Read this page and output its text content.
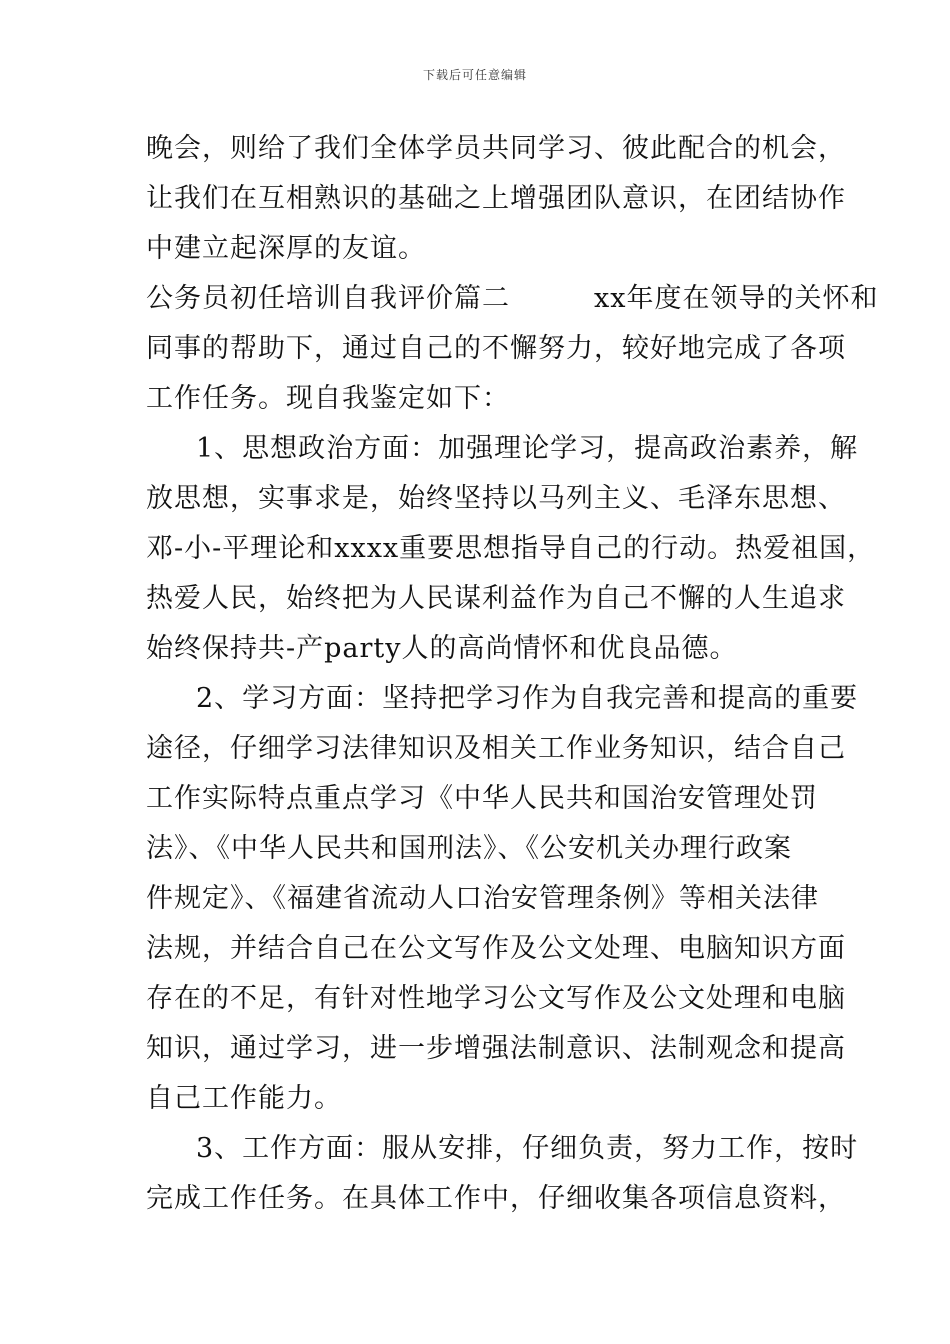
下载后可任意编辑
晚会，则给了我们全体学员共同学习、彼此配合的机会，
让我们在互相熟识的基础之上增强团队意识，在团结协作
中建立起深厚的友谊。
公务员初任培训自我评价篇二　　　xx年度在领导的关怀和
同事的帮助下，通过自己的不懈努力，较好地完成了各项
工作任务。现自我鉴定如下：
1、思想政治方面：加强理论学习，提高政治素养，解
放思想，实事求是，始终坚持以马列主义、毛泽东思想、
邓-小-平理论和xxxx重要思想指导自己的行动。热爱祖国，
热爱人民，始终把为人民谋利益作为自己不懈的人生追求
始终保持共-产party人的高尚情怀和优良品德。
2、学习方面：坚持把学习作为自我完善和提高的重要
途径，仔细学习法律知识及相关工作业务知识，结合自己
工作实际特点重点学习《中华人民共和国治安管理处罚
法》、《中华人民共和国刑法》、《公安机关办理行政案
件规定》、《福建省流动人口治安管理条例》等相关法律
法规，并结合自己在公文写作及公文处理、电脑知识方面
存在的不足，有针对性地学习公文写作及公文处理和电脑
知识，通过学习，进一步增强法制意识、法制观念和提高
自己工作能力。
3、工作方面：服从安排，仔细负责，努力工作，按时
完成工作任务。在具体工作中，仔细收集各项信息资料，
